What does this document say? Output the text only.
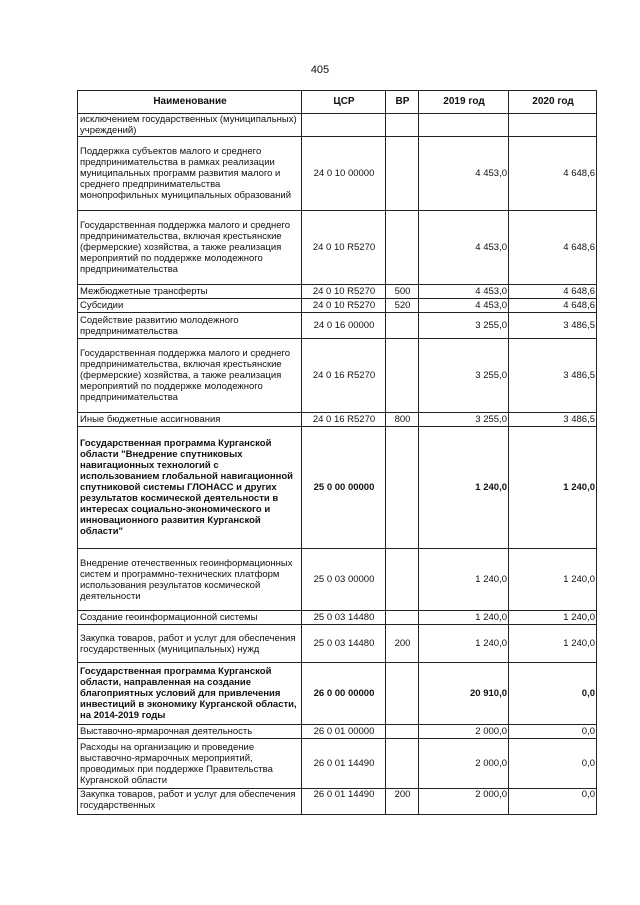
405
Наименование	ЦСР	ВР	2019 год	2020 год
исключением государственных (муниципальных) учреждений)				
Поддержка субъектов малого и среднего предпринимательства в рамках реализации муниципальных программ развития малого и среднего предпринимательства монопрофильных муниципальных образований	24 0 10 00000		4 453,0	4 648,6
Государственная поддержка малого и среднего предпринимательства, включая крестьянские (фермерские) хозяйства, а также реализация мероприятий по поддержке молодежного предпринимательства	24 0 10 R5270		4 453,0	4 648,6
Межбюджетные трансферты	24 0 10 R5270	500	4 453,0	4 648,6
Субсидии	24 0 10 R5270	520	4 453,0	4 648,6
Содействие развитию молодежного предпринимательства	24 0 16 00000		3 255,0	3 486,5
Государственная поддержка малого и среднего предпринимательства, включая крестьянские (фермерские) хозяйства, а также реализация мероприятий по поддержке молодежного предпринимательства	24 0 16 R5270		3 255,0	3 486,5
Иные бюджетные ассигнования	24 0 16 R5270	800	3 255,0	3 486,5
Государственная программа Курганской области "Внедрение спутниковых навигационных технологий с использованием глобальной навигационной спутниковой системы ГЛОНАСС и других результатов космической деятельности в интересах социально-экономического и инновационного развития Курганской области"	25 0 00 00000		1 240,0	1 240,0
Внедрение отечественных геоинформационных систем и программно-технических платформ использования результатов космической деятельности	25 0 03 00000		1 240,0	1 240,0
Создание геоинформационной системы	25 0 03 14480		1 240,0	1 240,0
Закупка товаров, работ и услуг для обеспечения государственных (муниципальных) нужд	25 0 03 14480	200	1 240,0	1 240,0
Государственная программа Курганской области, направленная на создание благоприятных условий для привлечения инвестиций в экономику Курганской области, на 2014-2019 годы	26 0 00 00000		20 910,0	0,0
Выставочно-ярмарочная деятельность	26 0 01 00000		2 000,0	0,0
Расходы на организацию и проведение выставочно-ярмарочных мероприятий, проводимых при поддержке Правительства Курганской области	26 0 01 14490		2 000,0	0,0
Закупка товаров, работ и услуг для обеспечения государственных	26 0 01 14490	200	2 000,0	0,0
